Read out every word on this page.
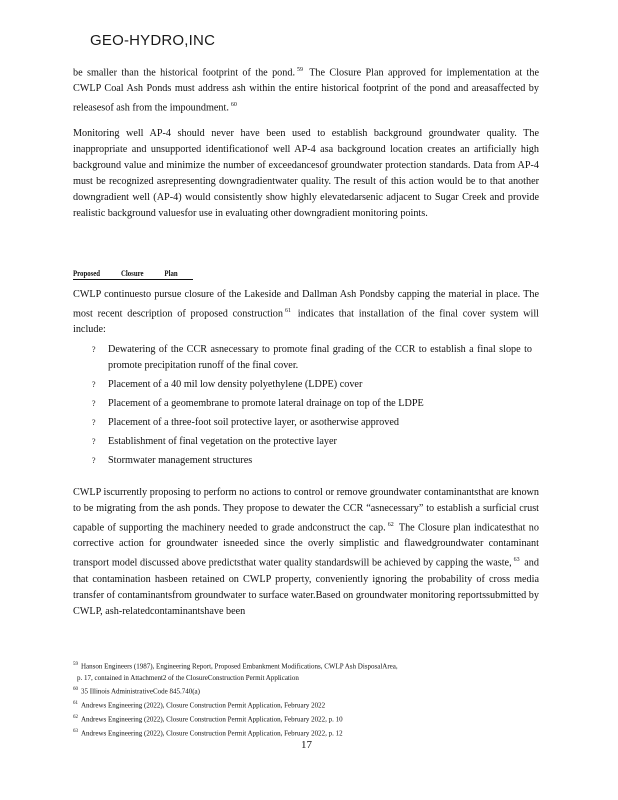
GEO-HYDRO,INC

be smaller than the historical footprint of the pond. $^{59}$ The Closure Plan approved for implementation at the CWLP Coal Ash Ponds must address ash within the entire historical footprint of the pond and areasaffected by releasesof ash from the impoundment. $^{60}$

Monitoring well AP-4 should never have been used to establish background groundwater quality. The inappropriate and unsupported identificationof well AP-4 asa background location creates an artificially high background value and minimize the number of exceedancesof groundwater protection standards. Data from AP-4 must be recognized asrepresenting downgradientwater quality. The result of this action would be to that another downgradient well (AP-4) would consistently show highly elevatedarsenic adjacent to Sugar Creek and provide realistic background valuesfor use in evaluating other downgradient monitoring points.

Proposed Closure Plan

CWLP continuesto pursue closure of the Lakeside and Dallman Ash Pondsby capping the material in place. The most recent description of proposed construction $^{61}$ indicates that installation of the final cover system will include:

? Dewatering of the CCR asnecessary to promote final grading of the CCR to establish a final slope to promote precipitation runoff of the final cover.
? Placement of a 40 mil low density polyethylene (LDPE) cover
? Placement of a geomembrane to promote lateral drainage on top of the LDPE
? Placement of a three-foot soil protective layer, or asotherwise approved
? Establishment of final vegetation on the protective layer
? Stormwater management structures

CWLP iscurrently proposing to perform no actions to control or remove groundwater contaminantsthat are known to be migrating from the ash ponds. They propose to dewater the CCR “asnecessary” to establish a surficial crust capable of supporting the machinery needed to grade andconstruct the cap. $^{62}$ The Closure plan indicatesthat no corrective action for groundwater isneeded since the overly simplistic and flawedgroundwater contaminant transport model discussed above predictsthat water quality standardswill be achieved by capping the waste, $^{63}$ and that contamination hasbeen retained on CWLP property, conveniently ignoring the probability of cross media transfer of contaminantsfrom groundwater to surface water.Based on groundwater monitoring reportssubmitted by CWLP, ash-relatedcontaminantshave been

$^{59}$ Hanson Engineers (1987), Engineering Report, Proposed Embankment Modifications, CWLP Ash DisposalArea,
p. 17, contained in Attachment2 of the ClosureConstruction Permit Application
$^{60}$ 35 Illinois AdministrativeCode 845.740(a)
$^{61}$ Andrews Engineering (2022), Closure Construction Permit Application, February 2022
$^{62}$ Andrews Engineering (2022), Closure Construction Permit Application, February 2022, p. 10
$^{63}$ Andrews Engineering (2022), Closure Construction Permit Application, February 2022, p. 12
17
